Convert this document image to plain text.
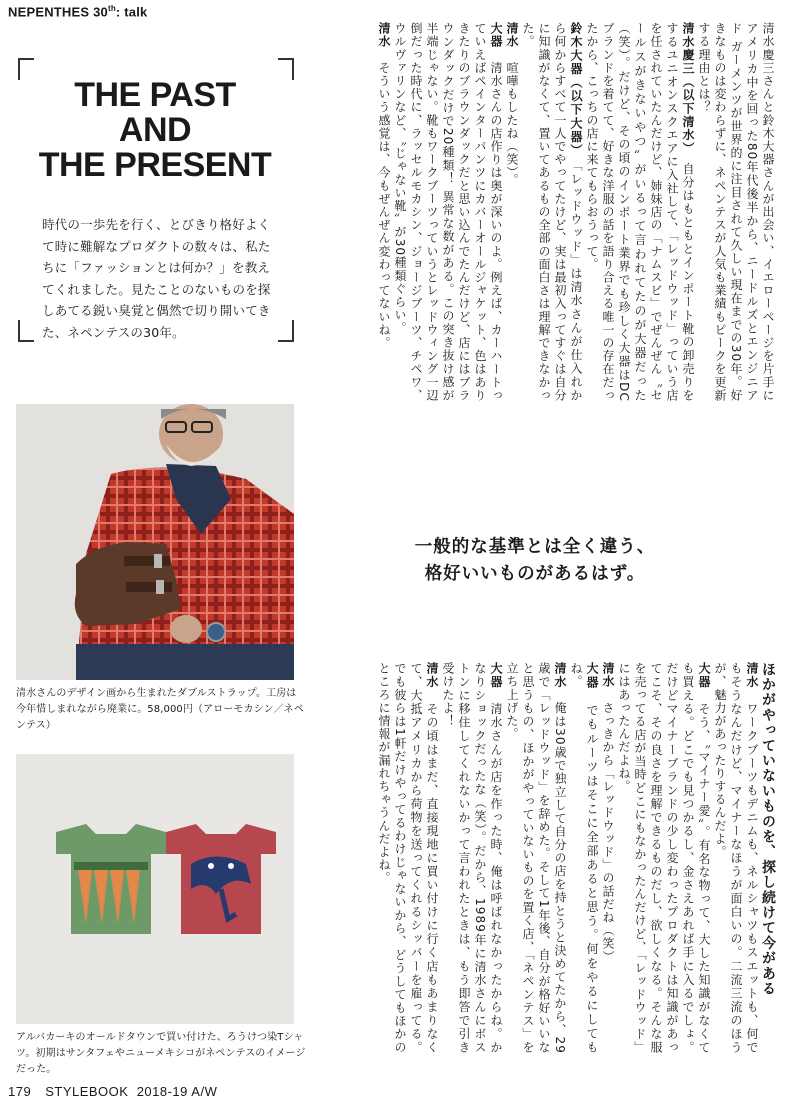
NEPENTHES 30th: talk
THE PAST
AND
THE PRESENT
時代の一歩先を行く、とびきり格好よくて時に難解なプロダクトの数々は、私たちに「ファッションとは何か？」を教えてくれました。見たことのないものを探しあてる鋭い臭覚と偶然で切り開いてきた、ネペンテスの30年。	清水慶三さんと鈴木大器さんが出会い、イエローページを片手にアメリカ中を回った80年代後半から、ニードルズとエンジニアド ガーメンツが世界的に注目されて久しい現在までの30年。好きなものは変わらずに、ネペンテスが人気も業績もピークを更新する理由とは？
清水慶三（以下清水）　自分はもともとインポート靴の卸売りをするユニオンスクエアに入社して、「レッドウッド」っていう店を任されていたんだけど、姉妹店の「ナムスビ」でぜんぜん〝セールスがきないやつ〟がいるって言われてたのが大器だった（笑）。だけど、その頃のインポート業界でも珍しく大器はDCブランドを着てて、好きな洋服の話を語り合える唯一の存在だったから、こっちの店に来てもらおうって。
鈴木大器（以下大器）　「レッドウッド」は清水さんが仕入れから何からすべて一人でやってたけど、実は最初入ってすぐは自分に知識がなくて、置いてあるもの全部の面白さは理解できなかった。
清水　喧嘩もしたね（笑）。
大器　清水さんの店作りは奥が深いのよ。例えば、カーハートっていえばペインターパンツにカバーオールジャケット、色はありきたりのブラウンダックだと思い込んでたんだけど、店にはブラウンダックだけで20種類！ 異常な数がある。この突き抜け感が半端じゃない。靴もワークブーツっていうとレッドウィング一辺倒だった時代に、ラッセルモカシン、ジョージブーツ、チペワ、ウルヴァリンなど、〝じゃない靴〟が30種類ぐらい。
清水　そういう感覚は、今もぜんぜん変わってないね。
一般的な基準とは全く違う、
格好いいものがあるはず。
ほかがやっていないものを、探し続けて今がある
清水　ワークブーツもデニムも、ネルシャツもスエットも、何でもそうなんだけど、マイナーなほうが面白いの。二流三流のほうが、魅力があったりするんだよ。
大器　そう、〝マイナー愛〟。有名な物って、大した知識がなくても買える。どこでも見つかるし、金さえあれば手に入るでしょ。だけどマイナーブランドの少し変わったプロダクトは知識があってこそ、その良さを理解できるものだし、欲しくなる。そんな服を売ってる店が当時どこにもなかったんだけど、「レッドウッド」にはあったんだよね。
清水　さっきから「レッドウッド」の話だね（笑）
大器　でもルーツはそこに全部あると思う。何をやるにしてもね。
清水　俺は30歳で独立して自分の店を持とうと決めてたから、29歳で「レッドウッド」を辞めた。そして1年後、自分が格好いいなと思うもの、ほかがやっていないものを置く店、「ネペンテス」を立ち上げた。
大器　清水さんが店を作った時、俺は呼ばれなかったからね。かなりショックだったな（笑）。だから、1989年に清水さんにボストンに移住してくれないかって言われたときは、もう即答で引き受けたよ！
清水　その頃はまだ、直接現地に買い付けに行く店もあまりなくて、大抵アメリカから荷物を送ってくれるシッパーを雇ってる。でも彼らは1軒だけやってるわけじゃないから、どうしてもほかのところに情報が漏れちゃうんだよね。
清水さんのデザイン画から生まれたダブルストラップ。工房は今年惜しまれながら廃業に。58,000円（アローモカシン／ネペンテス）
アルバカーキのオールドタウンで買い付けた、ろうけつ染Tシャツ。初期はサンタフェやニューメキシコがネペンテスのイメージだった。
179 STYLEBOOK 2018-19 A/W
